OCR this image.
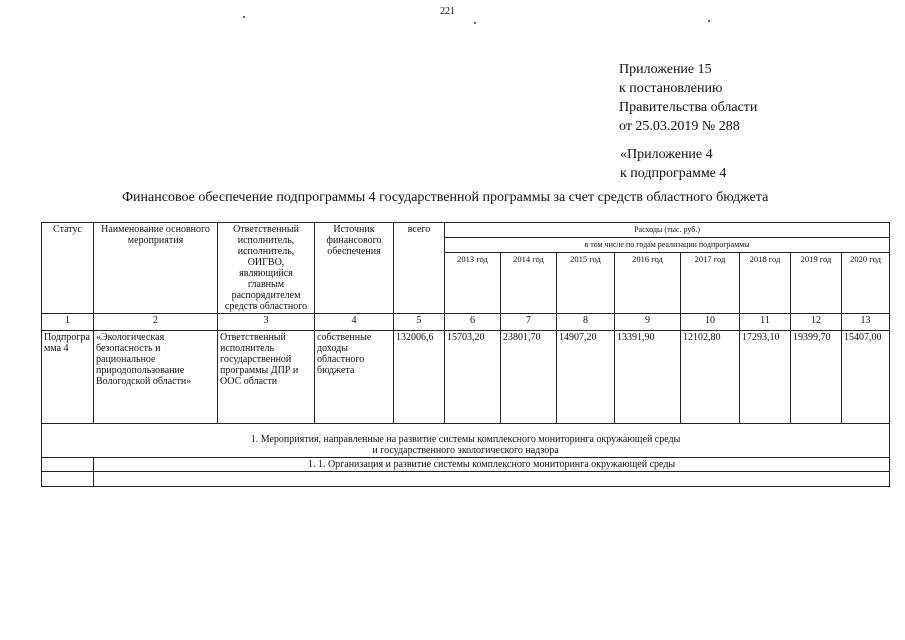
221
Приложение 15
к постановлению
Правительства области
от 25.03.2019 № 288
«Приложение 4
к подпрограмме 4
Финансовое обеспечение подпрограммы 4 государственной программы за счет средств областного бюджета
Статус	Наименование основного мероприятия	Ответственный исполнитель, исполнитель, ОИГВО, являющийся главным распорядителем средств областного	Источник финансового обеспечения	всего	Расходы (тыс. руб.)							
					в том числе по годам реализации подпрограммы							
					2013 год	2014 год	2015 год	2016 год	2017 год	2018 год	2019 год	2020 год
1	2	3	4	5	6	7	8	9	10	11	12	13
Подпрограмма 4	«Экологическая безопасность и рациональное природопользование Вологодской области»	Ответственный исполнитель государственной программы ДПР и ООС области	собственные доходы областного бюджета	132006,6	15703,20	23801,70	14907,20	13391,90	12102,80	17293,10	19399,70	15407,00

1. Мероприятия, направленные на развитие системы комплексного мониторинга окружающей среды
и государственного экологического надзора												

	1. 1. Организация и развитие системы комплексного мониторинга окружающей среды											
